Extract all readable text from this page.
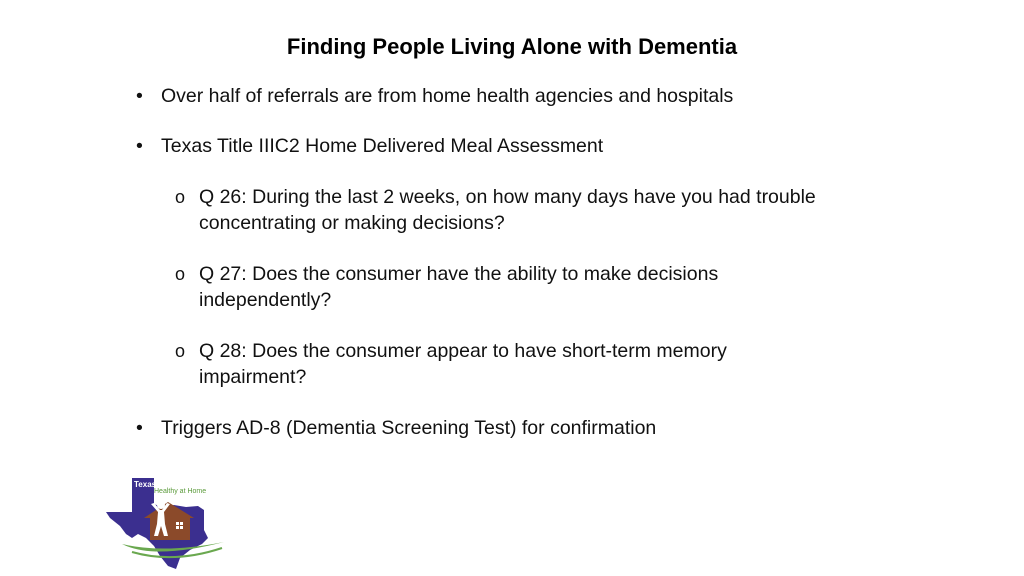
Finding People Living Alone with Dementia
• Over half of referrals are from home health agencies and hospitals
• Texas Title IIIC2 Home Delivered Meal Assessment
o Q 26: During the last 2 weeks, on how many days have you had trouble concentrating or making decisions?
o Q 27: Does the consumer have the ability to make decisions independently?
o Q 28: Does the consumer appear to have short-term memory impairment?
• Triggers AD-8 (Dementia Screening Test) for confirmation
Texas
Healthy at Home
